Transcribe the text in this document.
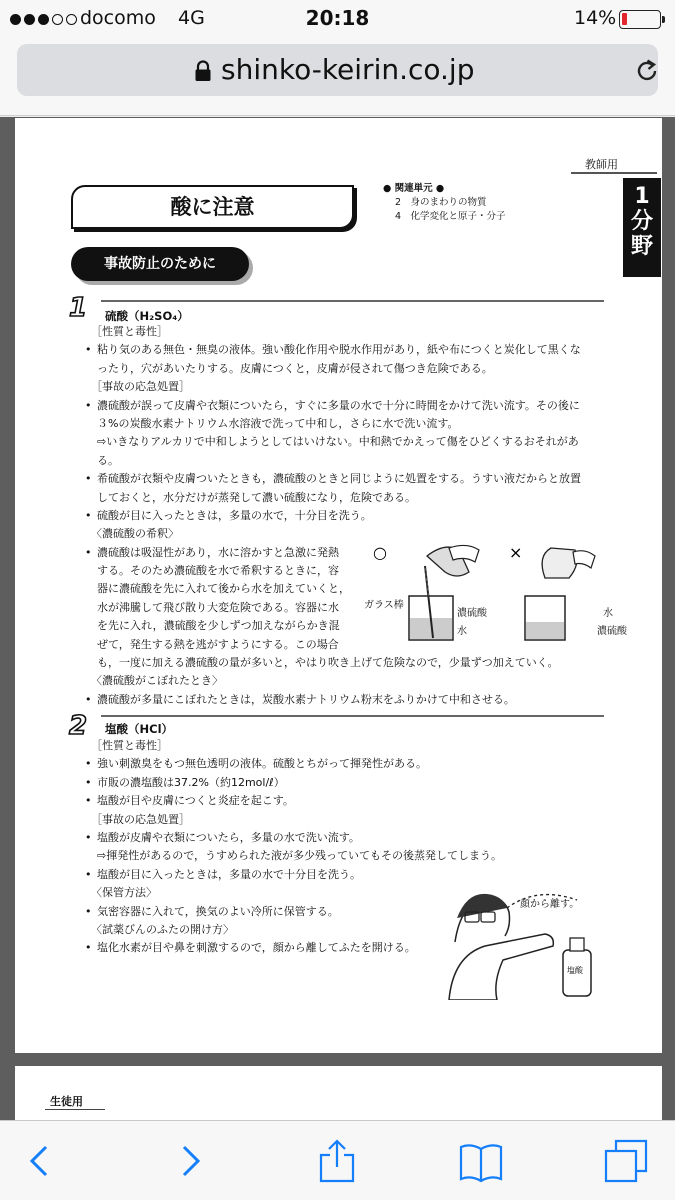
docomo 4G	20:18	14%
shinko-keirin.co.jp
教師用
1
分
野
酸に注意
● 関連単元 ●
2　身のまわりの物質
4　化学変化と原子・分子
事故防止のために
1 硫酸（H₂SO₄）
［性質と毒性］
• 粘り気のある無色・無臭の液体。強い酸化作用や脱水作用があり，紙や布につくと炭化して黒くな
ったり，穴があいたりする。皮膚につくと，皮膚が侵されて傷つき危険である。
［事故の応急処置］
• 濃硫酸が誤って皮膚や衣類についたら，すぐに多量の水で十分に時間をかけて洗い流す。その後に
３%の炭酸水素ナトリウム水溶液で洗って中和し，さらに水で洗い流す。
⇨いきなりアルカリで中和しようとしてはいけない。中和熱でかえって傷をひどくするおそれがあ
る。
• 希硫酸が衣類や皮膚ついたときも，濃硫酸のときと同じように処置をする。うすい液だからと放置
しておくと，水分だけが蒸発して濃い硫酸になり，危険である。
• 硫酸が目に入ったときは，多量の水で，十分目を洗う。
〈濃硫酸の希釈〉
• 濃硫酸は吸湿性があり，水に溶かすと急激に発熱
する。そのため濃硫酸を水で希釈するときに，容
器に濃硫酸を先に入れて後から水を加えていくと，
水が沸騰して飛び散り大変危険である。容器に水
を先に入れ，濃硫酸を少しずつ加えながらかき混
ぜて，発生する熱を逃がすようにする。この場合
も，一度に加える濃硫酸の量が多いと，やはり吹き上げて危険なので，少量ずつ加えていく。
〈濃硫酸がこぼれたとき〉
• 濃硫酸が多量にこぼれたときは，炭酸水素ナトリウム粉末をふりかけて中和させる。
○	×
ガラス棒
濃硫酸
水
水
濃硫酸
2 塩酸（HCl）
［性質と毒性］
• 強い刺激臭をもつ無色透明の液体。硫酸とちがって揮発性がある。
• 市販の濃塩酸は37.2%（約12mol/ℓ）
• 塩酸が目や皮膚につくと炎症を起こす。
［事故の応急処置］
• 塩酸が皮膚や衣類についたら，多量の水で洗い流す。
⇨揮発性があるので，うすめられた液が多少残っていてもその後蒸発してしまう。
• 塩酸が目に入ったときは，多量の水で十分目を洗う。
〈保管方法〉
• 気密容器に入れて，換気のよい冷所に保管する。
〈試薬びんのふたの開け方〉
• 塩化水素が目や鼻を刺激するので，顔から離してふたを開ける。
塩酸
顔から離す。
生徒用
